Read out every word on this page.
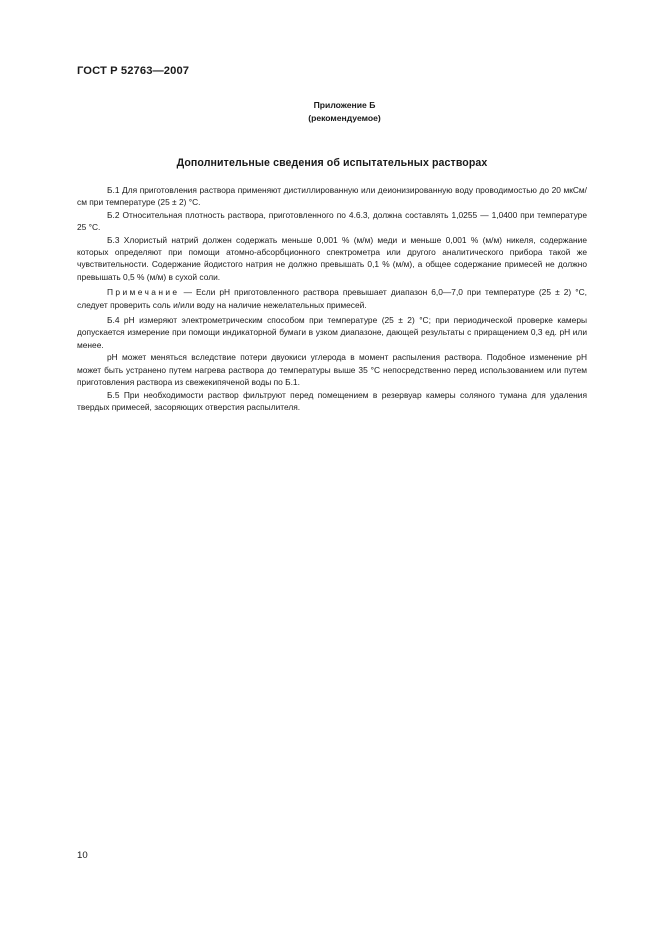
ГОСТ Р 52763—2007
Приложение Б
(рекомендуемое)
Дополнительные сведения об испытательных растворах

Б.1 Для приготовления раствора применяют дистиллированную или деионизированную воду проводимостью до 20 мкСм/см при температуре (25 ± 2) °С.

Б.2 Относительная плотность раствора, приготовленного по 4.6.3, должна составлять 1,0255 — 1,0400 при температуре 25 °С.

Б.3 Хлористый натрий должен содержать меньше 0,001 % (м/м) меди и меньше 0,001 % (м/м) никеля, содержание которых определяют при помощи атомно-абсорбционного спектрометра или другого аналитического прибора такой же чувствительности. Содержание йодистого натрия не должно превышать 0,1 % (м/м), а общее содержание примесей не должно превышать 0,5 % (м/м) в сухой соли.

Примечание — Если рН приготовленного раствора превышает диапазон 6,0—7,0 при температуре (25 ± 2) °С, следует проверить соль и/или воду на наличие нежелательных примесей.

Б.4 рН измеряют электрометрическим способом при температуре (25 ± 2) °С; при периодической проверке камеры допускается измерение при помощи индикаторной бумаги в узком диапазоне, дающей результаты с приращением 0,3 ед. рН или менее.

рН может меняться вследствие потери двуокиси углерода в момент распыления раствора. Подобное изменение рН может быть устранено путем нагрева раствора до температуры выше 35 °С непосредственно перед использованием или путем приготовления раствора из свежекипяченой воды по Б.1.

Б.5 При необходимости раствор фильтруют перед помещением в резервуар камеры соляного тумана для удаления твердых примесей, засоряющих отверстия распылителя.

10
